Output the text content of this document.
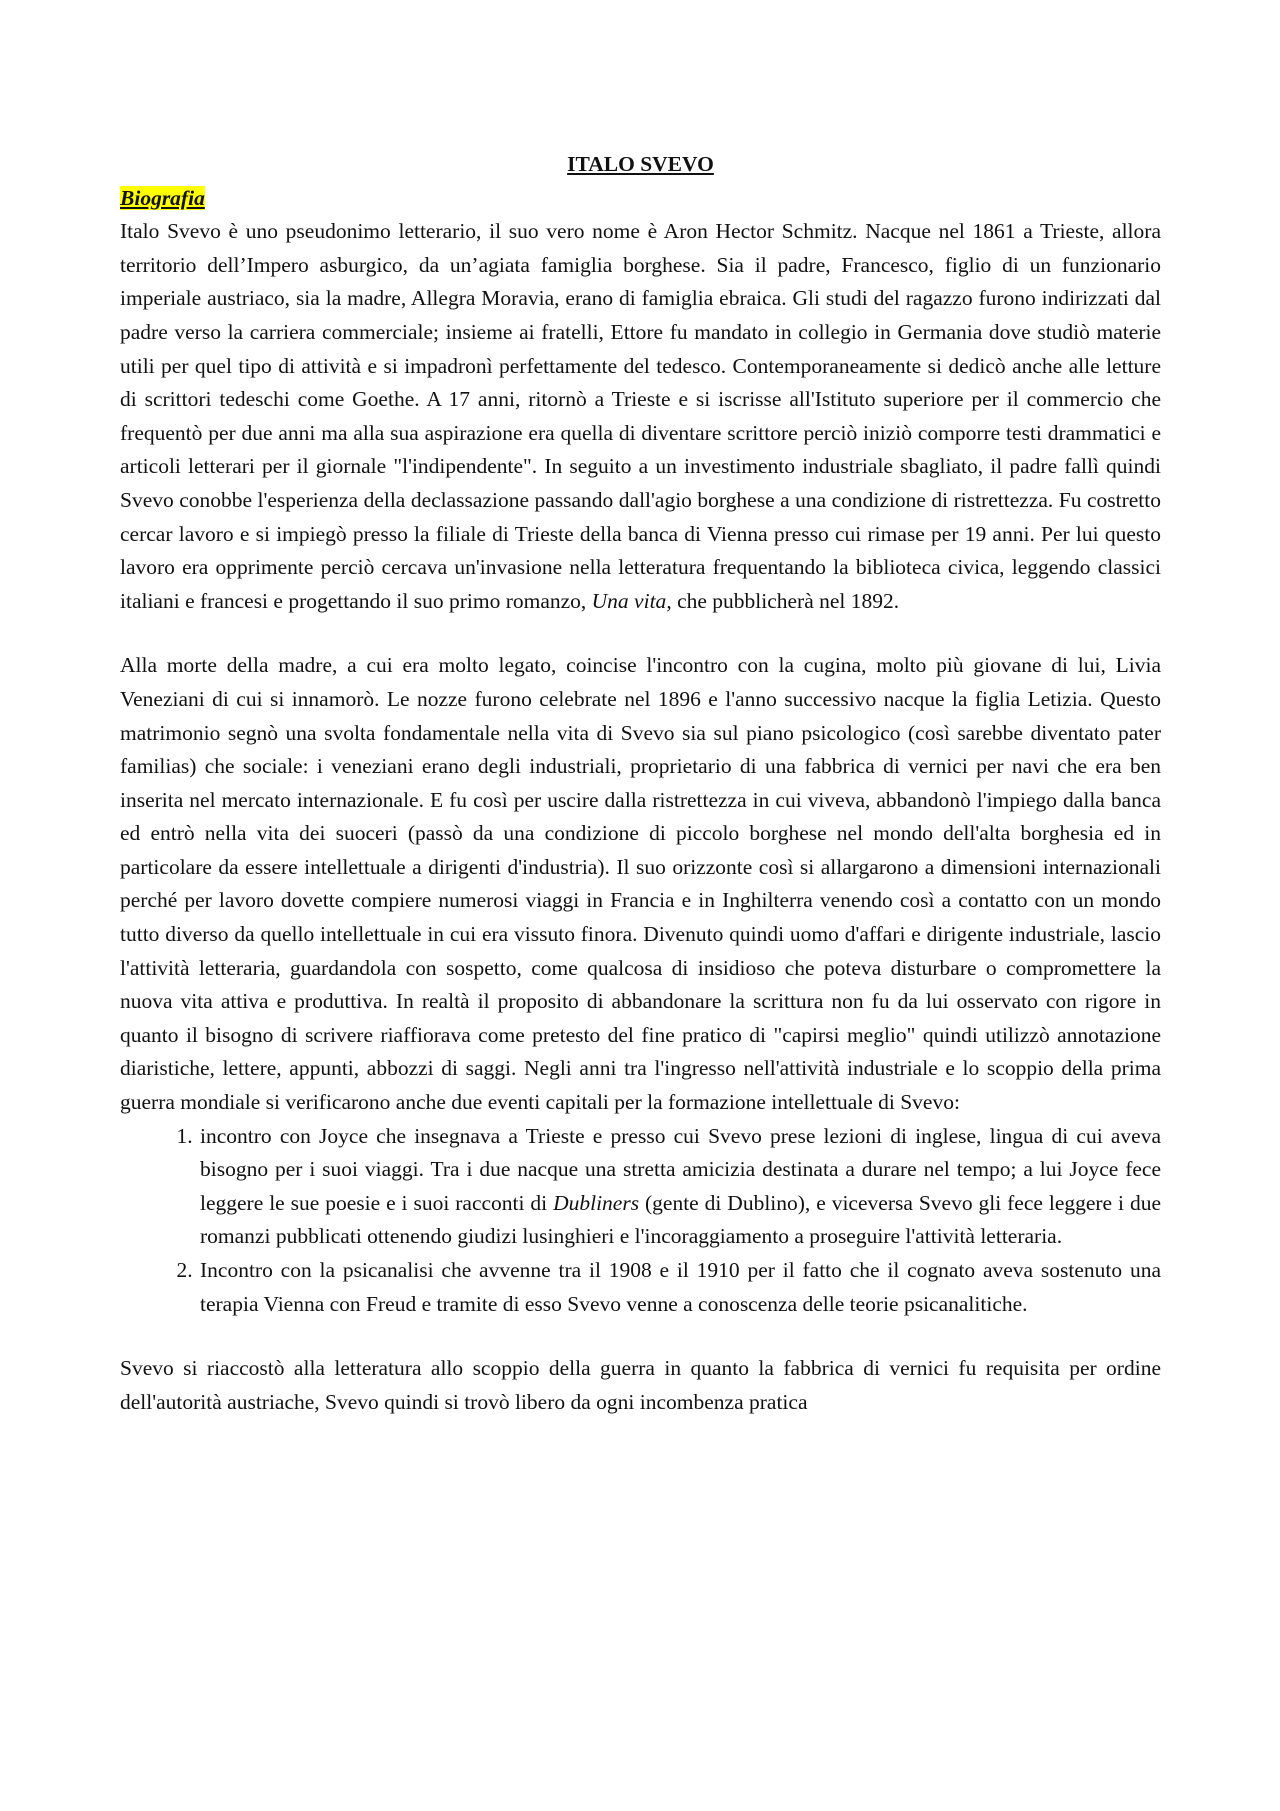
ITALO SVEVO

Biografia

Italo Svevo è uno pseudonimo letterario, il suo vero nome è Aron Hector Schmitz. Nacque nel 1861 a Trieste, allora territorio dell’Impero asburgico, da un’agiata famiglia borghese. Sia il padre, Francesco, figlio di un funzionario imperiale austriaco, sia la madre, Allegra Moravia, erano di famiglia ebraica. Gli studi del ragazzo furono indirizzati dal padre verso la carriera commerciale; insieme ai fratelli, Ettore fu mandato in collegio in Germania dove studiò materie utili per quel tipo di attività e si impadronì perfettamente del tedesco. Contemporaneamente si dedicò anche alle letture di scrittori tedeschi come Goethe. A 17 anni, ritornò a Trieste e si iscrisse all'Istituto superiore per il commercio che frequentò per due anni ma alla sua aspirazione era quella di diventare scrittore perciò iniziò comporre testi drammatici e articoli letterari per il giornale "l'indipendente". In seguito a un investimento industriale sbagliato, il padre fallì quindi Svevo conobbe l'esperienza della declassazione passando dall'agio borghese a una condizione di ristrettezza. Fu costretto cercar lavoro e si impiegò presso la filiale di Trieste della banca di Vienna presso cui rimase per 19 anni. Per lui questo lavoro era opprimente perciò cercava un'invasione nella letteratura frequentando la biblioteca civica, leggendo classici italiani e francesi e progettando il suo primo romanzo, Una vita, che pubblicherà nel 1892.

Alla morte della madre, a cui era molto legato, coincise l'incontro con la cugina, molto più giovane di lui, Livia Veneziani di cui si innamorò. Le nozze furono celebrate nel 1896 e l'anno successivo nacque la figlia Letizia. Questo matrimonio segnò una svolta fondamentale nella vita di Svevo sia sul piano psicologico (così sarebbe diventato pater familias) che sociale: i veneziani erano degli industriali, proprietario di una fabbrica di vernici per navi che era ben inserita nel mercato internazionale. E fu così per uscire dalla ristrettezza in cui viveva, abbandonò l'impiego dalla banca ed entrò nella vita dei suoceri (passò da una condizione di piccolo borghese nel mondo dell'alta borghesia ed in particolare da essere intellettuale a dirigenti d'industria). Il suo orizzonte così si allargarono a dimensioni internazionali perché per lavoro dovette compiere numerosi viaggi in Francia e in Inghilterra venendo così a contatto con un mondo tutto diverso da quello intellettuale in cui era vissuto finora. Divenuto quindi uomo d'affari e dirigente industriale, lascio l'attività letteraria, guardandola con sospetto, come qualcosa di insidioso che poteva disturbare o compromettere la nuova vita attiva e produttiva. In realtà il proposito di abbandonare la scrittura non fu da lui osservato con rigore in quanto il bisogno di scrivere riaffiorava come pretesto del fine pratico di "capirsi meglio" quindi utilizzò annotazione diaristiche, lettere, appunti, abbozzi di saggi. Negli anni tra l'ingresso nell'attività industriale e lo scoppio della prima guerra mondiale si verificarono anche due eventi capitali per la formazione intellettuale di Svevo:

1. incontro con Joyce che insegnava a Trieste e presso cui Svevo prese lezioni di inglese, lingua di cui aveva bisogno per i suoi viaggi. Tra i due nacque una stretta amicizia destinata a durare nel tempo; a lui Joyce fece leggere le sue poesie e i suoi racconti di Dubliners (gente di Dublino), e viceversa Svevo gli fece leggere i due romanzi pubblicati ottenendo giudizi lusinghieri e l'incoraggiamento a proseguire l'attività letteraria.
2. Incontro con la psicanalisi che avvenne tra il 1908 e il 1910 per il fatto che il cognato aveva sostenuto una terapia Vienna con Freud e tramite di esso Svevo venne a conoscenza delle teorie psicanalitiche.

Svevo si riaccostò alla letteratura allo scoppio della guerra in quanto la fabbrica di vernici fu requisita per ordine dell'autorità austriache, Svevo quindi si trovò libero da ogni incombenza pratica
